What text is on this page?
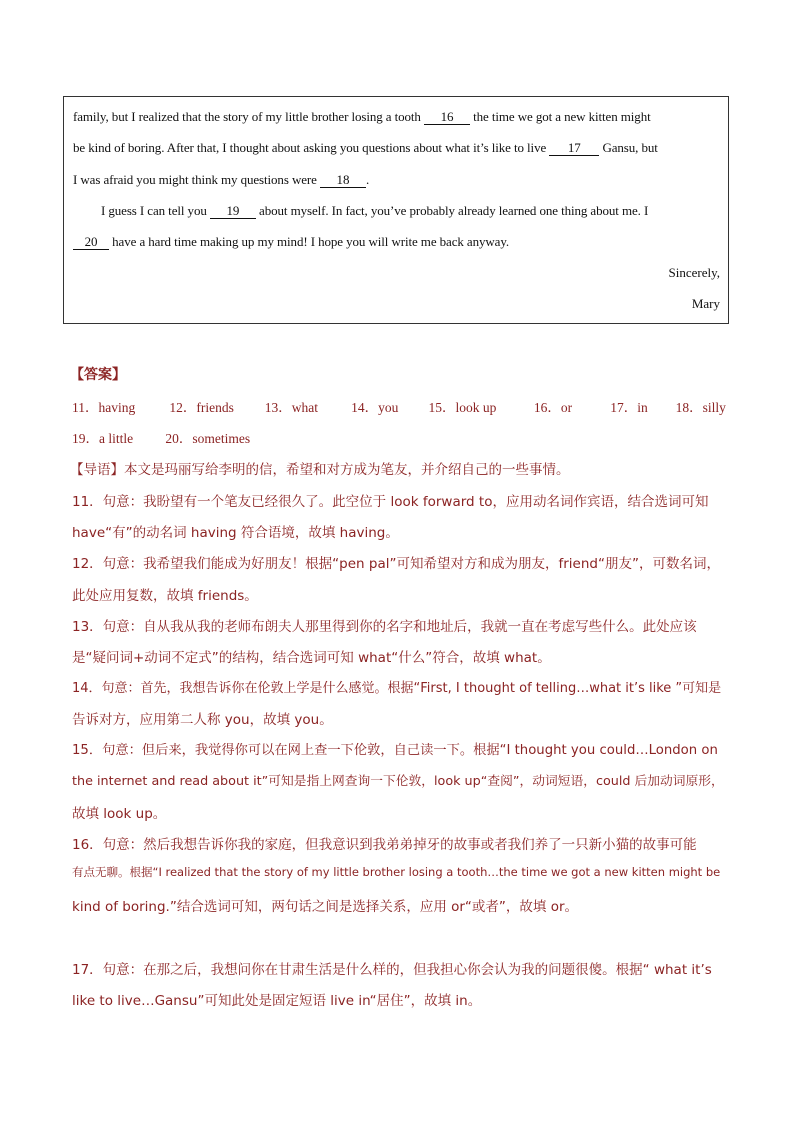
family, but I realized that the story of my little brother losing a tooth 16 the time we got a new kitten might
be kind of boring. After that, I thought about asking you questions about what it’s like to live 17 Gansu, but
I was afraid you might think my questions were 18 .
I guess I can tell you 19 about myself. In fact, you’ve probably already learned one thing about me. I
20 have a hard time making up my mind! I hope you will write me back anyway.
Sincerely,
Mary
【答案】
11．having	12．friends 13．what 14．you 15．look up	16．or	17．in 18．silly
19．a little 20．sometimes
【导语】本文是玛丽写给李明的信，希望和对方成为笔友，并介绍自己的一些事情。
11．句意：我盼望有一个笔友已经很久了。此空位于 look forward to，应用动名词作宾语，结合选词可知
have“有”的动名词 having 符合语境，故填 having。
12．句意：我希望我们能成为好朋友！根据“pen pal”可知希望对方和成为朋友，friend“朋友”，可数名词，
此处应用复数，故填 friends。
13．句意：自从我从我的老师布朗夫人那里得到你的名字和地址后，我就一直在考虑写些什么。此处应该
是“疑问词+动词不定式”的结构，结合选词可知 what“什么”符合，故填 what。
14．句意：首先，我想告诉你在伦敦上学是什么感觉。根据“First, I thought of telling…what it’s like ”可知是
告诉对方，应用第二人称 you，故填 you。
15．句意：但后来，我觉得你可以在网上查一下伦敦，自己读一下。根据“I thought you could…London on
the internet and read about it”可知是指上网查询一下伦敦，look up“查阅”，动词短语，could 后加动词原形，
故填 look up。
16．句意：然后我想告诉你我的家庭，但我意识到我弟弟掉牙的故事或者我们养了一只新小猫的故事可能
有点无聊。根据“I realized that the story of my little brother losing a tooth…the time we got a new kitten might be
kind of boring.”结合选词可知，两句话之间是选择关系，应用 or“或者”，故填 or。
17．句意：在那之后，我想问你在甘肃生活是什么样的，但我担心你会认为我的问题很傻。根据“ what it’s
like to live…Gansu”可知此处是固定短语 live in“居住”，故填 in。
